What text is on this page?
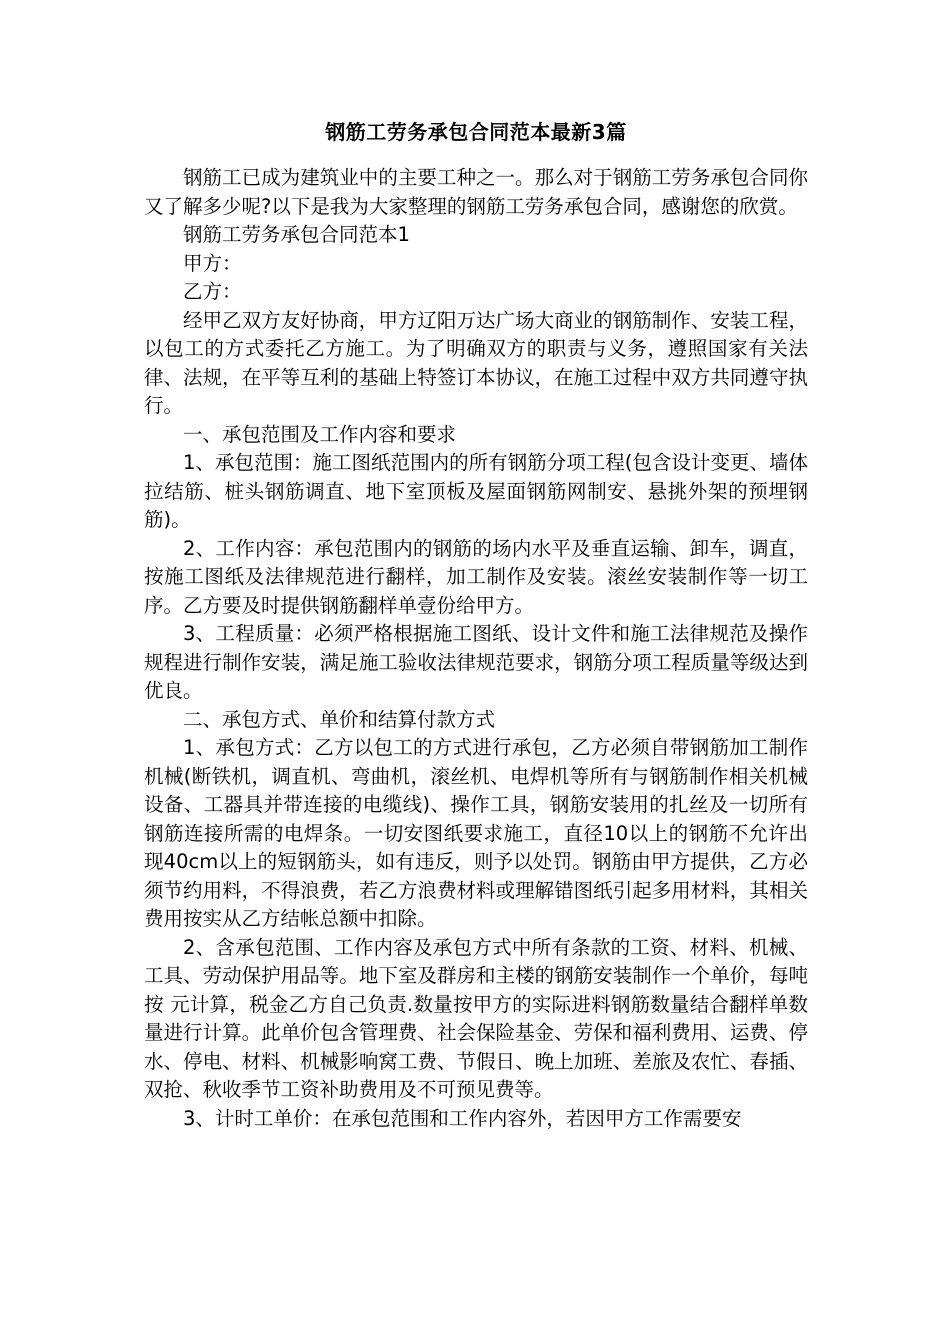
钢筋工劳务承包合同范本最新3篇

钢筋工已成为建筑业中的主要工种之一。那么对于钢筋工劳务承包合同你又了解多少呢?以下是我为大家整理的钢筋工劳务承包合同，感谢您的欣赏。

钢筋工劳务承包合同范本1

甲方：

乙方：

经甲乙双方友好协商，甲方辽阳万达广场大商业的钢筋制作、安装工程，以包工的方式委托乙方施工。为了明确双方的职责与义务，遵照国家有关法律、法规，在平等互利的基础上特签订本协议，在施工过程中双方共同遵守执行。

一、承包范围及工作内容和要求

1、承包范围：施工图纸范围内的所有钢筋分项工程(包含设计变更、墙体拉结筋、桩头钢筋调直、地下室顶板及屋面钢筋网制安、悬挑外架的预埋钢筋)。

2、工作内容：承包范围内的钢筋的场内水平及垂直运输、卸车，调直，按施工图纸及法律规范进行翻样，加工制作及安装。滚丝安装制作等一切工序。乙方要及时提供钢筋翻样单壹份给甲方。

3、工程质量：必须严格根据施工图纸、设计文件和施工法律规范及操作规程进行制作安装，满足施工验收法律规范要求，钢筋分项工程质量等级达到优良。

二、承包方式、单价和结算付款方式

1、承包方式：乙方以包工的方式进行承包，乙方必须自带钢筋加工制作机械(断铁机，调直机、弯曲机，滚丝机、电焊机等所有与钢筋制作相关机械设备、工器具并带连接的电缆线)、操作工具，钢筋安装用的扎丝及一切所有钢筋连接所需的电焊条。一切安图纸要求施工，直径10以上的钢筋不允许出现40cm以上的短钢筋头，如有违反，则予以处罚。钢筋由甲方提供，乙方必须节约用料，不得浪费，若乙方浪费材料或理解错图纸引起多用材料，其相关费用按实从乙方结帐总额中扣除。

2、含承包范围、工作内容及承包方式中所有条款的工资、材料、机械、工具、劳动保护用品等。地下室及群房和主楼的钢筋安装制作一个单价，每吨按 元计算，税金乙方自己负责.数量按甲方的实际进料钢筋数量结合翻样单数量进行计算。此单价包含管理费、社会保险基金、劳保和福利费用、运费、停水、停电、材料、机械影响窝工费、节假日、晚上加班、差旅及农忙、春插、双抢、秋收季节工资补助费用及不可预见费等。

3、计时工单价：在承包范围和工作内容外，若因甲方工作需要安
